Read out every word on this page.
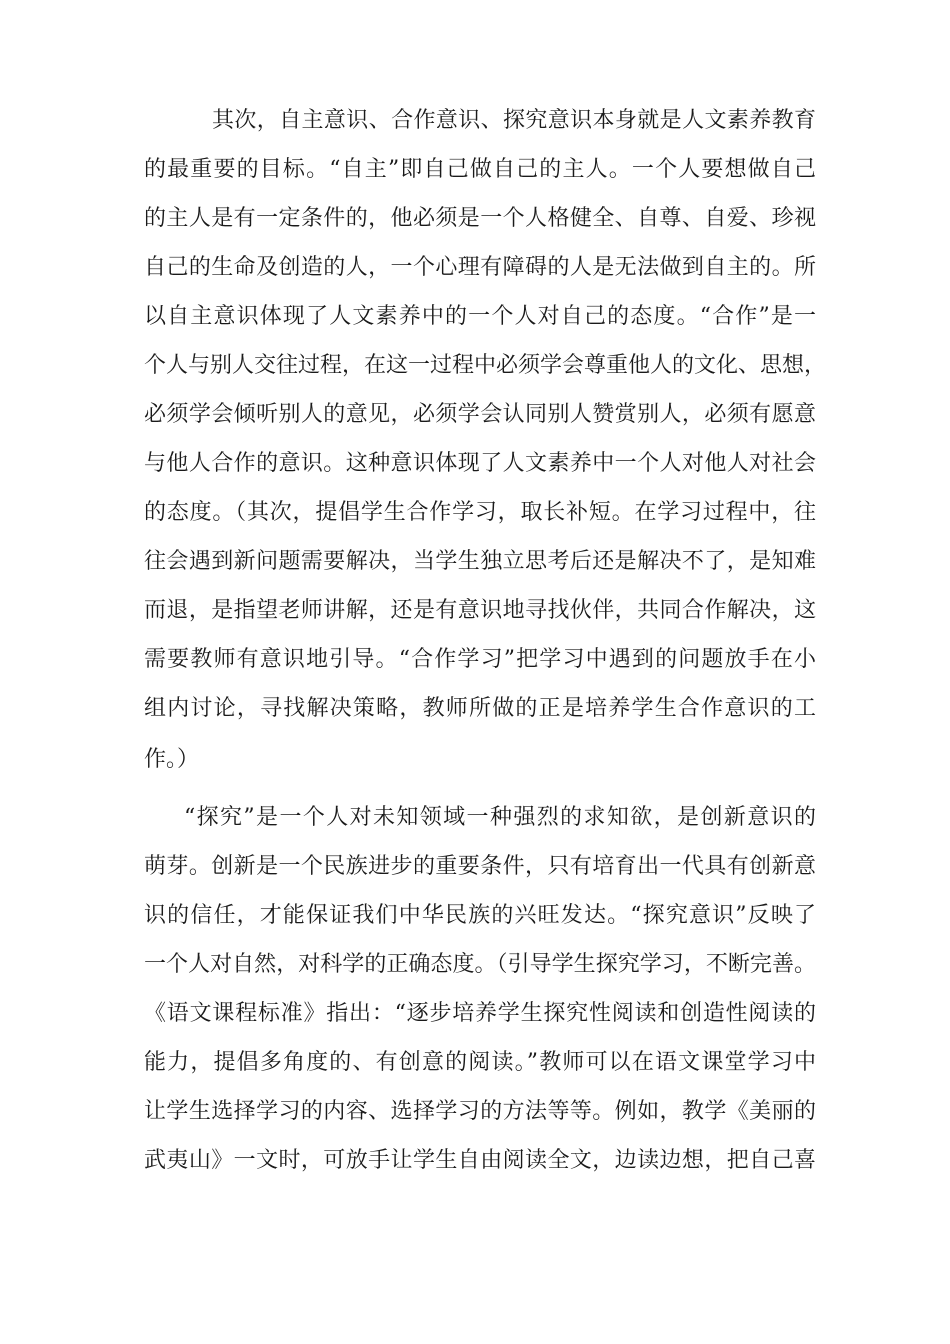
其次，自主意识、合作意识、探究意识本身就是人文素养教育
的最重要的目标。“自主”即自己做自己的主人。一个人要想做自己
的主人是有一定条件的，他必须是一个人格健全、自尊、自爱、珍视
自己的生命及创造的人，一个心理有障碍的人是无法做到自主的。所
以自主意识体现了人文素养中的一个人对自己的态度。“合作”是一
个人与别人交往过程，在这一过程中必须学会尊重他人的文化、思想，
必须学会倾听别人的意见，必须学会认同别人赞赏别人，必须有愿意
与他人合作的意识。这种意识体现了人文素养中一个人对他人对社会
的态度。（其次，提倡学生合作学习，取长补短。在学习过程中，往
往会遇到新问题需要解决，当学生独立思考后还是解决不了，是知难
而退，是指望老师讲解，还是有意识地寻找伙伴，共同合作解决，这
需要教师有意识地引导。“合作学习”把学习中遇到的问题放手在小
组内讨论，寻找解决策略，教师所做的正是培养学生合作意识的工
作。）
“探究”是一个人对未知领域一种强烈的求知欲，是创新意识的
萌芽。创新是一个民族进步的重要条件，只有培育出一代具有创新意
识的信任，才能保证我们中华民族的兴旺发达。“探究意识”反映了
一个人对自然，对科学的正确态度。（引导学生探究学习，不断完善。
《语文课程标准》指出：“逐步培养学生探究性阅读和创造性阅读的
能力，提倡多角度的、有创意的阅读。”教师可以在语文课堂学习中
让学生选择学习的内容、选择学习的方法等等。例如，教学《美丽的
武夷山》一文时，可放手让学生自由阅读全文，边读边想，把自己喜
